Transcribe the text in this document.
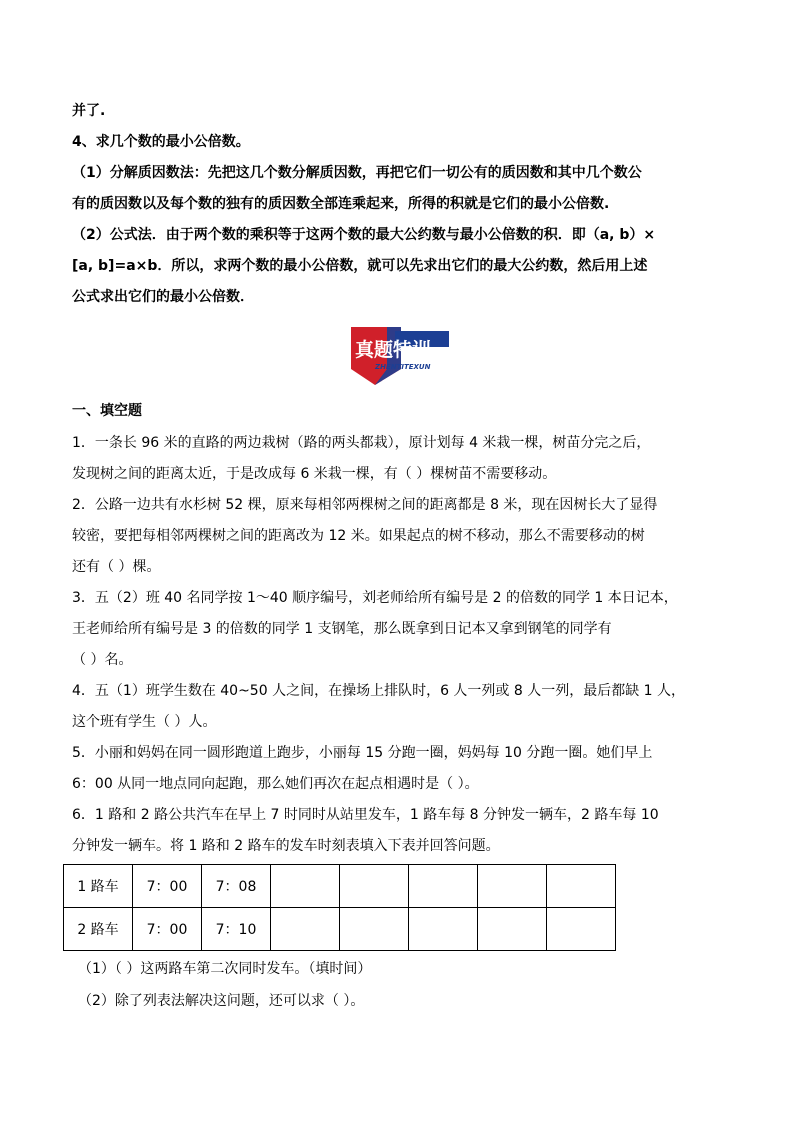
并了.
4、求几个数的最小公倍数。
（1）分解质因数法：先把这几个数分解质因数，再把它们一切公有的质因数和其中几个数公
有的质因数以及每个数的独有的质因数全部连乘起来，所得的积就是它们的最小公倍数.
（2）公式法．由于两个数的乘积等于这两个数的最大公约数与最小公倍数的积．即（a, b）×
[a, b]=a×b．所以，求两个数的最小公倍数，就可以先求出它们的最大公约数，然后用上述
公式求出它们的最小公倍数．
真题特训
ZHENTITEXUN
一、填空题
1．一条长 96 米的直路的两边栽树（路的两头都栽），原计划每 4 米栽一棵，树苗分完之后，
发现树之间的距离太近，于是改成每 6 米栽一棵，有（ ）棵树苗不需要移动。
2．公路一边共有水杉树 52 棵，原来每相邻两棵树之间的距离都是 8 米，现在因树长大了显得
较密，要把每相邻两棵树之间的距离改为 12 米。如果起点的树不移动，那么不需要移动的树
还有（ ）棵。
3．五（2）班 40 名同学按 1～40 顺序编号，刘老师给所有编号是 2 的倍数的同学 1 本日记本，
王老师给所有编号是 3 的倍数的同学 1 支钢笔，那么既拿到日记本又拿到钢笔的同学有
（ ）名。
4．五（1）班学生数在 40~50 人之间，在操场上排队时，6 人一列或 8 人一列，最后都缺 1 人，
这个班有学生（ ）人。
5．小丽和妈妈在同一圆形跑道上跑步，小丽每 15 分跑一圈，妈妈每 10 分跑一圈。她们早上
6：00 从同一地点同向起跑，那么她们再次在起点相遇时是（ ）。
6．1 路和 2 路公共汽车在早上 7 时同时从站里发车，1 路车每 8 分钟发一辆车，2 路车每 10
分钟发一辆车。将 1 路和 2 路车的发车时刻表填入下表并回答问题。
1 路车	7：00	7：08					
2 路车	7：00	7：10					
（1）（ ）这两路车第二次同时发车。（填时间）
（2）除了列表法解决这问题，还可以求（ ）。
